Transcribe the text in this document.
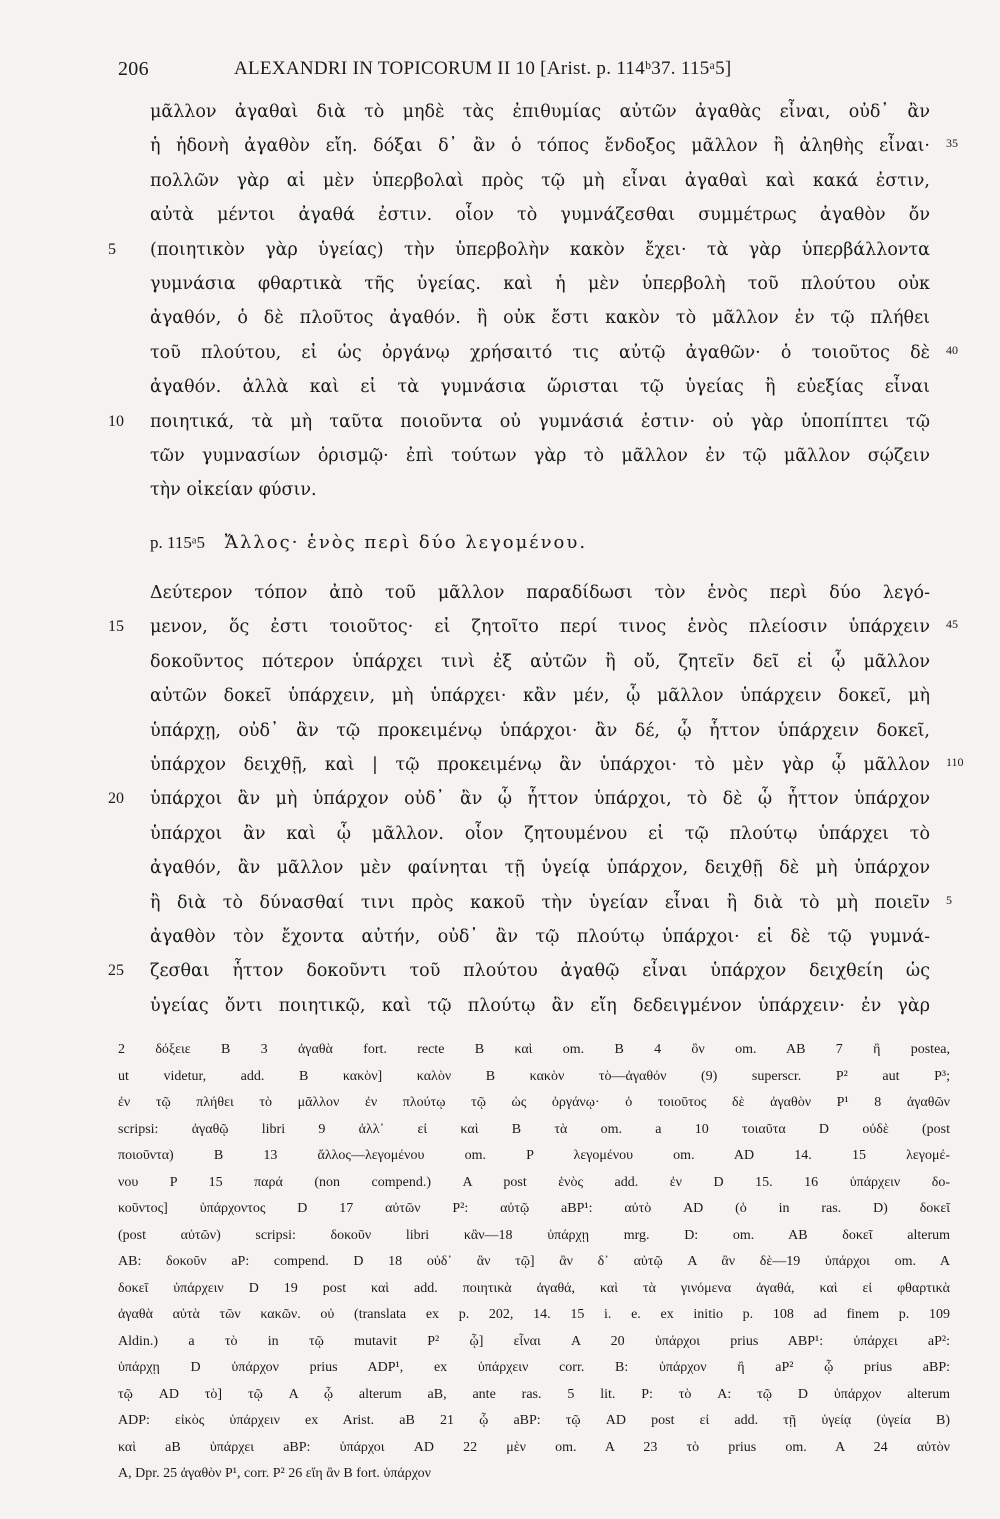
206	ALEXANDRI IN TOPICORUM II 10 [Arist. p. 114ᵇ37. 115ᵃ5]
μᾶλλον ἀγαθαὶ διὰ τὸ μηδὲ τὰς ἐπιθυμίας αὐτῶν ἀγαθὰς εἶναι, οὐδ᾽ ἂν
ἡ ἡδονὴ ἀγαθὸν εἴη. δόξαι δ᾽ ἂν ὁ τόπος ἔνδοξος μᾶλλον ἢ ἀληθὴς εἶναι· 35
πολλῶν γὰρ αἱ μὲν ὑπερβολαὶ πρὸς τῷ μὴ εἶναι ἀγαθαὶ καὶ κακά ἐστιν,
αὐτὰ μέντοι ἀγαθά ἐστιν. οἷον τὸ γυμνάζεσθαι συμμέτρως ἀγαθὸν ὄν
5	(ποιητικὸν γὰρ ὑγείας) τὴν ὑπερβολὴν κακὸν ἔχει· τὰ γὰρ ὑπερβάλλοντα
γυμνάσια φθαρτικὰ τῆς ὑγείας. καὶ ἡ μὲν ὑπερβολὴ τοῦ πλούτου οὐκ
ἀγαθόν, ὁ δὲ πλοῦτος ἀγαθόν. ἢ οὐκ ἔστι κακὸν τὸ μᾶλλον ἐν τῷ πλήθει
τοῦ πλούτου, εἰ ὡς ὀργάνῳ χρήσαιτό τις αὐτῷ ἀγαθῶν· ὁ τοιοῦτος δὲ 40
ἀγαθόν. ἀλλὰ καὶ εἰ τὰ γυμνάσια ὥρισται τῷ ὑγείας ἢ εὐεξίας εἶναι
10	ποιητικά, τὰ μὴ ταῦτα ποιοῦντα οὐ γυμνάσιά ἐστιν· οὐ γὰρ ὑποπίπτει τῷ
τῶν γυμνασίων ὁρισμῷ· ἐπὶ τούτων γὰρ τὸ μᾶλλον ἐν τῷ μᾶλλον σῴζειν
τὴν οἰκείαν φύσιν.
p. 115ᵃ5 Ἄλλος· ἑνὸς περὶ δύο λεγομένου.
Δεύτερον τόπον ἀπὸ τοῦ μᾶλλον παραδίδωσι τὸν ἑνὸς περὶ δύο λεγό-
15	μενον, ὅς ἐστι τοιοῦτος· εἰ ζητοῖτο περί τινος ἑνὸς πλείοσιν ὑπάρχειν 45
δοκοῦντος πότερον ὑπάρχει τινὶ ἐξ αὐτῶν ἢ οὔ, ζητεῖν δεῖ εἰ ᾧ μᾶλλον
αὐτῶν δοκεῖ ὑπάρχειν, μὴ ὑπάρχει· κἂν μέν, ᾧ μᾶλλον ὑπάρχειν δοκεῖ, μὴ
ὑπάρχῃ, οὐδ᾽ ἂν τῷ προκειμένῳ ὑπάρχοι· ἂν δέ, ᾧ ἧττον ὑπάρχειν δοκεῖ,
ὑπάρχον δειχθῇ, καὶ | τῷ προκειμένῳ ἂν ὑπάρχοι· τὸ μὲν γὰρ ᾧ μᾶλλον 110
20	ὑπάρχοι ἂν μὴ ὑπάρχον οὐδ᾽ ἂν ᾧ ἧττον ὑπάρχοι, τὸ δὲ ᾧ ἧττον ὑπάρχον
ὑπάρχοι ἂν καὶ ᾧ μᾶλλον. οἷον ζητουμένου εἰ τῷ πλούτῳ ὑπάρχει τὸ
ἀγαθόν, ἂν μᾶλλον μὲν φαίνηται τῇ ὑγείᾳ ὑπάρχον, δειχθῇ δὲ μὴ ὑπάρχον
ἢ διὰ τὸ δύνασθαί τινι πρὸς κακοῦ τὴν ὑγείαν εἶναι ἢ διὰ τὸ μὴ ποιεῖν 5
ἀγαθὸν τὸν ἔχοντα αὐτήν, οὐδ᾽ ἂν τῷ πλούτῳ ὑπάρχοι· εἰ δὲ τῷ γυμνά-
25	ζεσθαι ἧττον δοκοῦντι τοῦ πλούτου ἀγαθῷ εἶναι ὑπάρχον δειχθείη ὡς
ὑγείας ὄντι ποιητικῷ, καὶ τῷ πλούτῳ ἂν εἴη δεδειγμένον ὑπάρχειν· ἐν γὰρ
2 δόξειε B 3 ἀγαθὰ fort. recte B καὶ om. B 4 ὂν om. AB 7 ἢ postea,
ut videtur, add. B κακὸν] καλὸν B κακὸν τὸ—ἀγαθόν (9) superscr. P² aut P³;
ἐν τῷ πλήθει τὸ μᾶλλον ἐν πλούτῳ τῷ ὡς ὀργάνῳ· ὁ τοιοῦτος δὲ ἀγαθὸν P¹ 8 ἀγαθῶν
scripsi: ἀγαθῷ libri 9 ἀλλ᾽ εἰ καὶ B τὰ om. a 10 τοιαῦτα D οὐδὲ (post
ποιοῦντα) B 13 ἄλλος—λεγομένου om. P λεγομένου om. AD 14. 15 λεγομέ-
νου P 15 παρά (non compend.) A post ἑνὸς add. ἐν D 15. 16 ὑπάρχειν δο-
κοῦντος] ὑπάρχοντος D 17 αὐτῶν P²: αὐτῷ aBP¹: αὐτὸ AD (ὁ in ras. D) δοκεῖ
(post αὐτῶν) scripsi: δοκοῦν libri κἂν—18 ὑπάρχῃ mrg. D: om. AB δοκεῖ alterum
AB: δοκοῦν aP: compend. D 18 οὐδ᾽ ἂν τῷ] ἂν δ᾽ αὐτῷ A ἂν δὲ—19 ὑπάρχοι om. A
δοκεῖ ὑπάρχειν D 19 post καὶ add. ποιητικὰ ἀγαθά, καὶ τὰ γινόμενα ἀγαθά, καὶ εἰ φθαρτικὰ
ἀγαθὰ αὐτὰ τῶν κακῶν. οὐ (translata ex p. 202, 14. 15 i. e. ex initio p. 108 ad finem p. 109
Aldin.) a τὸ in τῷ mutavit P² ᾧ] εἶναι A 20 ὑπάρχοι prius ABP¹: ὑπάρχει aP²:
ὑπάρχῃ D ὑπάρχον prius ADP¹, ex ὑπάρχειν corr. B: ὑπάρχον ἢ aP² ᾧ prius aBP:
τῷ AD τὸ] τῷ A ᾧ alterum aB, ante ras. 5 lit. P: τὸ A: τῷ D ὑπάρχον alterum
ADP: εἰκὸς ὑπάρχειν ex Arist. aB 21 ᾧ aBP: τῷ AD post εἰ add. τῇ ὑγείᾳ (ὑγεία B)
καὶ aB ὑπάρχει aBP: ὑπάρχοι AD 22 μὲν om. A 23 τὸ prius om. A 24 αὐτὸν
A, Dpr. 25 ἀγαθὸν P¹, corr. P² 26 εἴη ἂν B fort. ὑπάρχον
